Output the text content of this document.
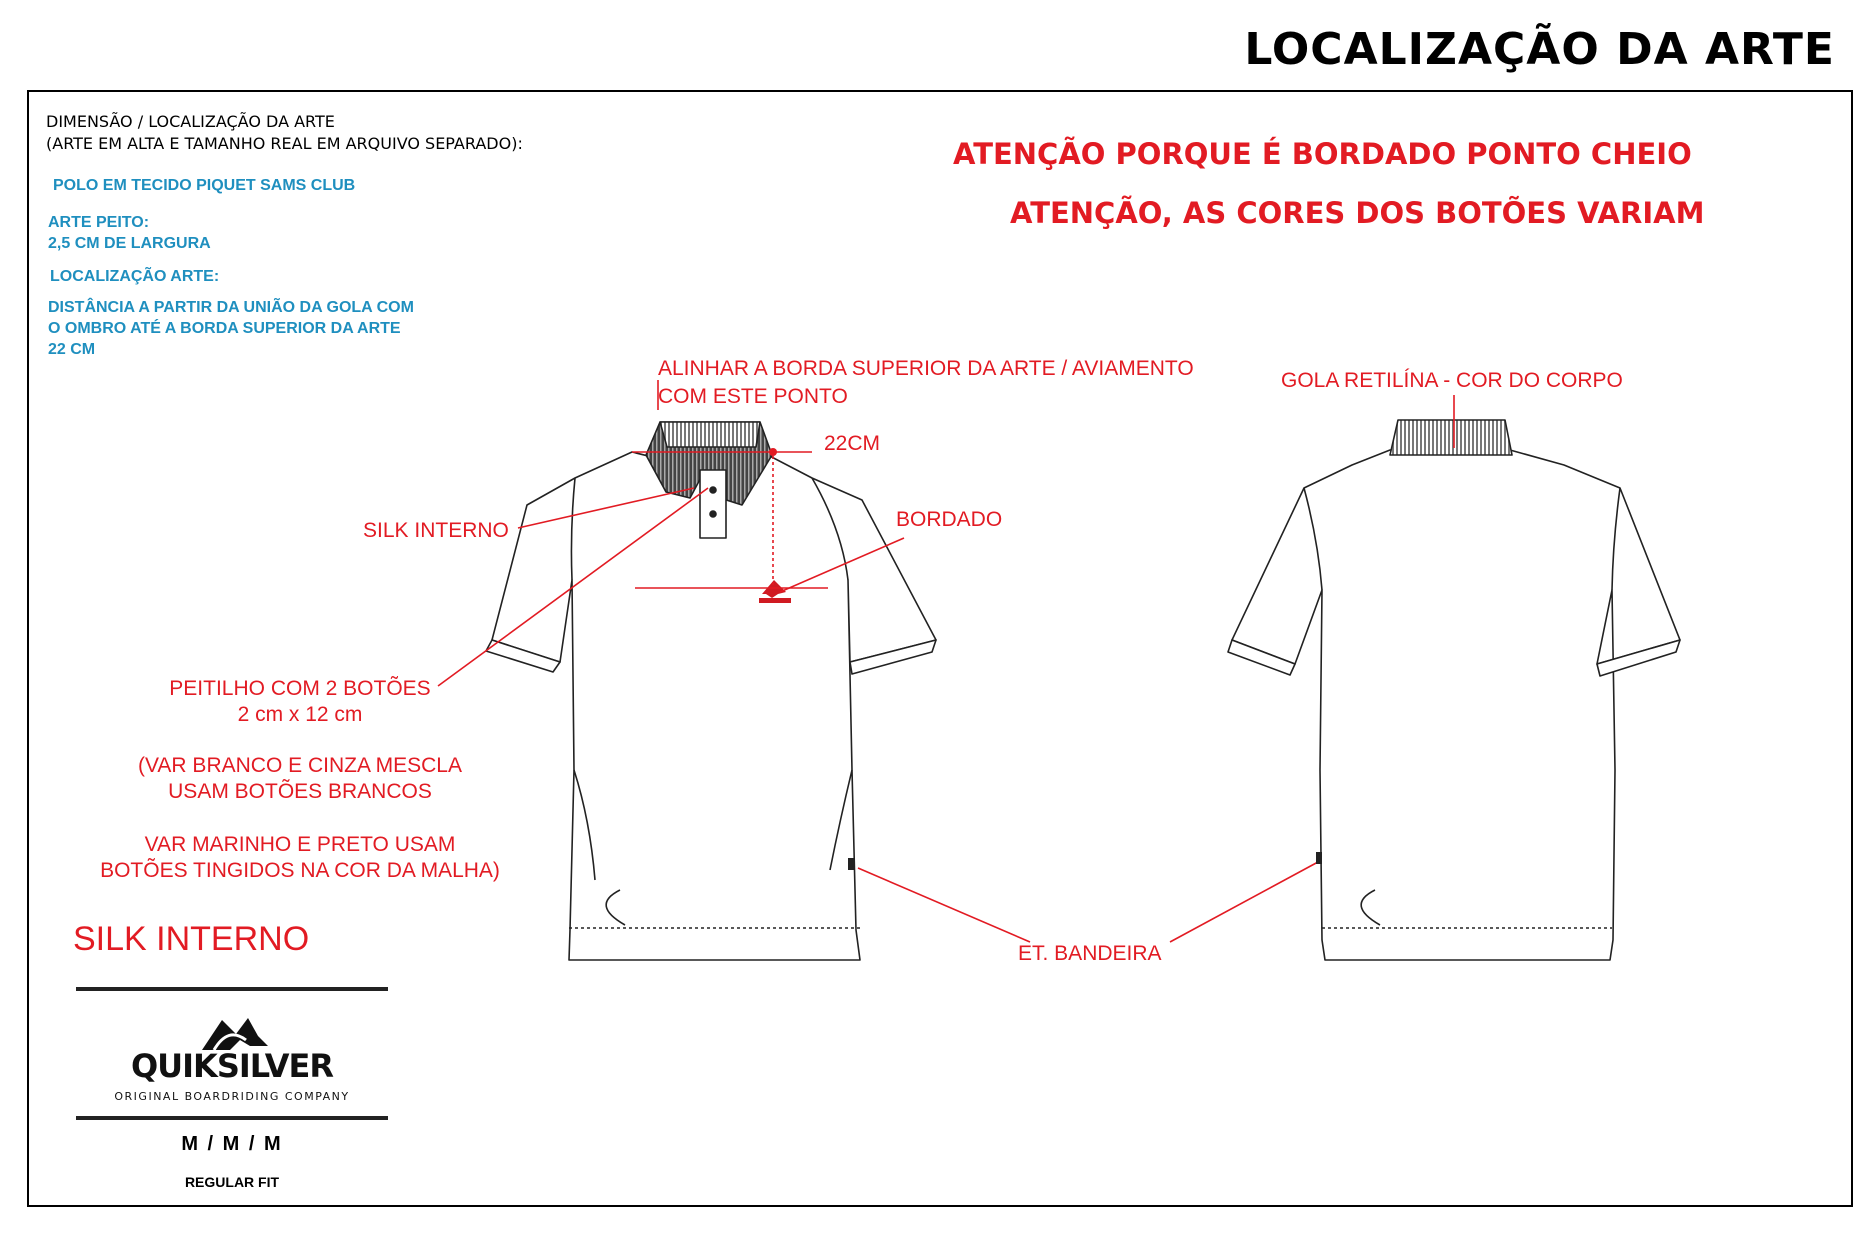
LOCALIZAÇÃO DA ARTE
DIMENSÃO / LOCALIZAÇÃO DA ARTE
(ARTE EM ALTA E TAMANHO REAL EM ARQUIVO SEPARADO):
POLO EM TECIDO PIQUET SAMS CLUB
ARTE PEITO:
2,5 CM DE LARGURA
LOCALIZAÇÃO ARTE:
DISTÂNCIA A PARTIR DA UNIÃO DA GOLA COM
O OMBRO ATÉ A BORDA SUPERIOR DA ARTE
22 CM
ATENÇÃO PORQUE É BORDADO PONTO CHEIO
ATENÇÃO, AS CORES DOS BOTÕES VARIAM
ALINHAR A BORDA SUPERIOR DA ARTE / AVIAMENTO
COM ESTE PONTO
22CM
SILK INTERNO	BORDADO
PEITILHO COM 2 BOTÕES
2 cm x 12 cm
(VAR BRANCO E CINZA MESCLA
USAM BOTÕES BRANCOS
VAR MARINHO E PRETO USAM
BOTÕES TINGIDOS NA COR DA MALHA)
GOLA RETILÍNA - COR DO CORPO
ET. BANDEIRA
SILK INTERNO
M / M / M
REGULAR FIT
QUIKSILVER
ORIGINAL BOARDRIDING COMPANY
